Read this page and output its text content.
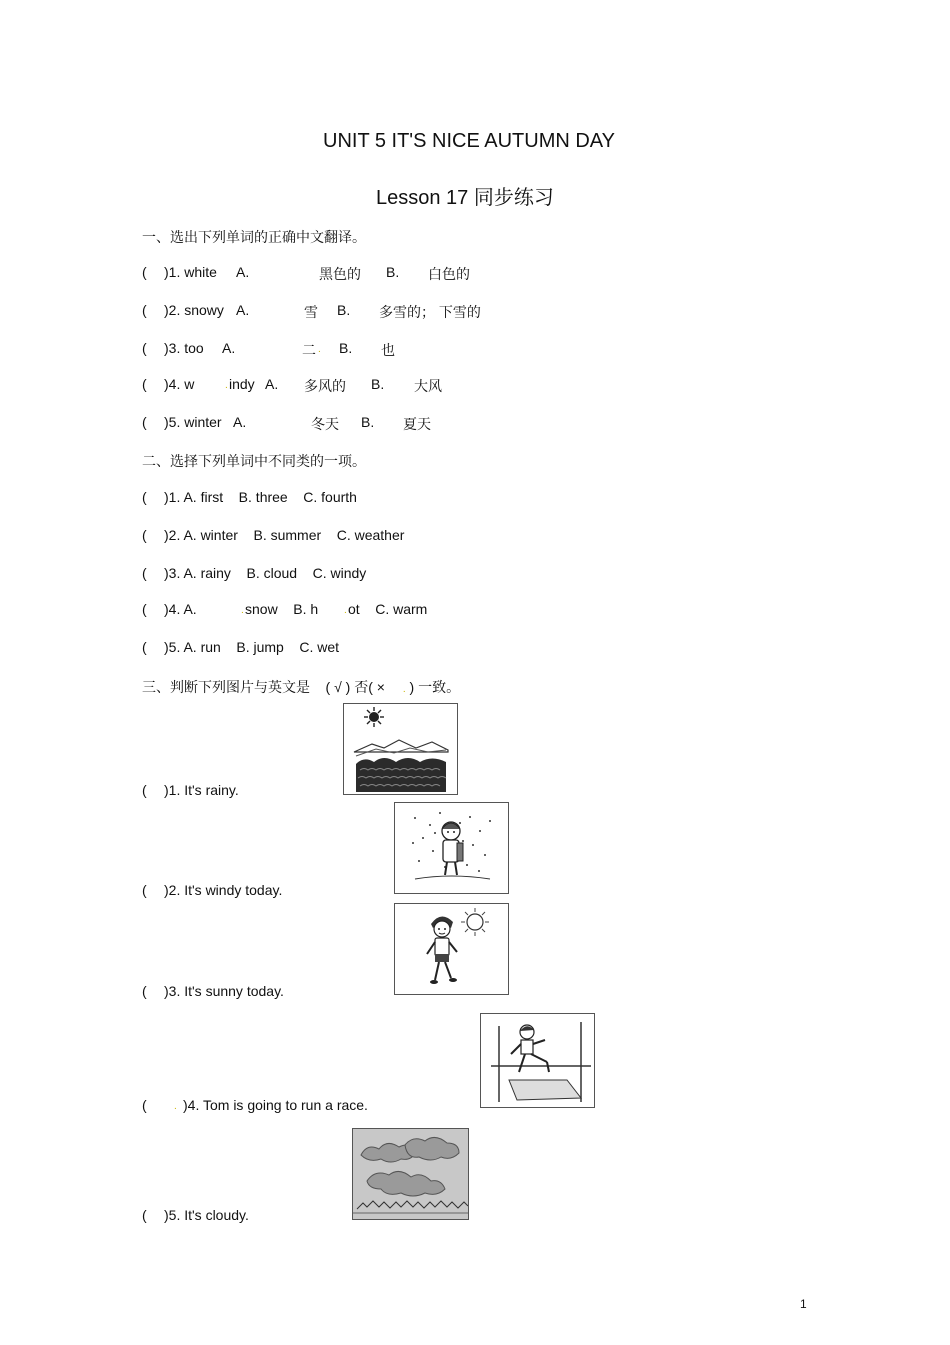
UNIT 5 IT'S NICE AUTUMN DAY
Lesson 17 同步练习
一、选出下列单词的正确中文翻译。
( )1. white A.	黑色的 B. 白色的
( )2. snowy A.	雪 B. 多雪的； 下雪的
( )3. too A.	二 . B. 也
( )4. w	. indy A. 多风的 B. 大风
( )5. winter A.	冬天 B. 夏天
二、选择下列单词中不同类的一项。
( )1. A. first    B. three    C. fourth
( )2. A. winter    B. summer    C. weather
( )3. A. rainy    B. cloud    C. windy
( )4. A.	. snow    B. h	. ot    C. warm
( )5. A. run    B. jump    C. wet
三、判断下列图片与英文是    ( √ ) 否( × . ) 一致。
( )1. It's rainy.
( )2. It's windy today.
( )3. It's sunny today.
(	. )4. Tom is going to run a race.
( )5. It's cloudy.
1
